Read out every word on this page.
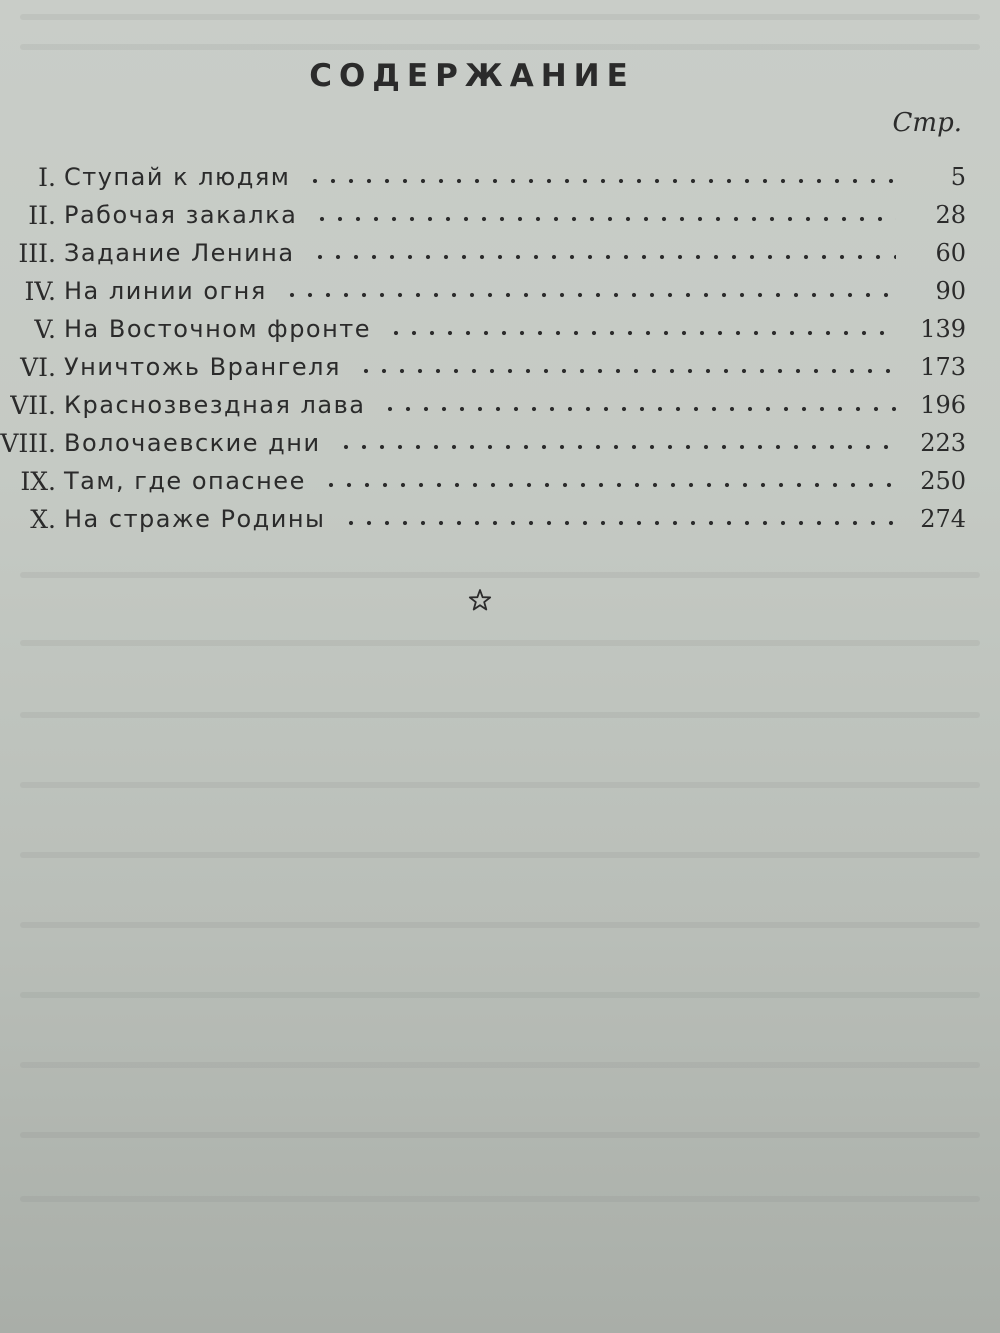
СОДЕРЖАНИЕ
Стр.
I. Ступай к людям	5
II. Рабочая закалка	28
III. Задание Ленина	60
IV. На линии огня	90
V. На Восточном фронте	139
VI. Уничтожь Врангеля	173
VII. Краснозвездная лава	196
VIII. Волочаевские дни	223
IX. Там, где опаснее	250
X. На страже Родины	274
